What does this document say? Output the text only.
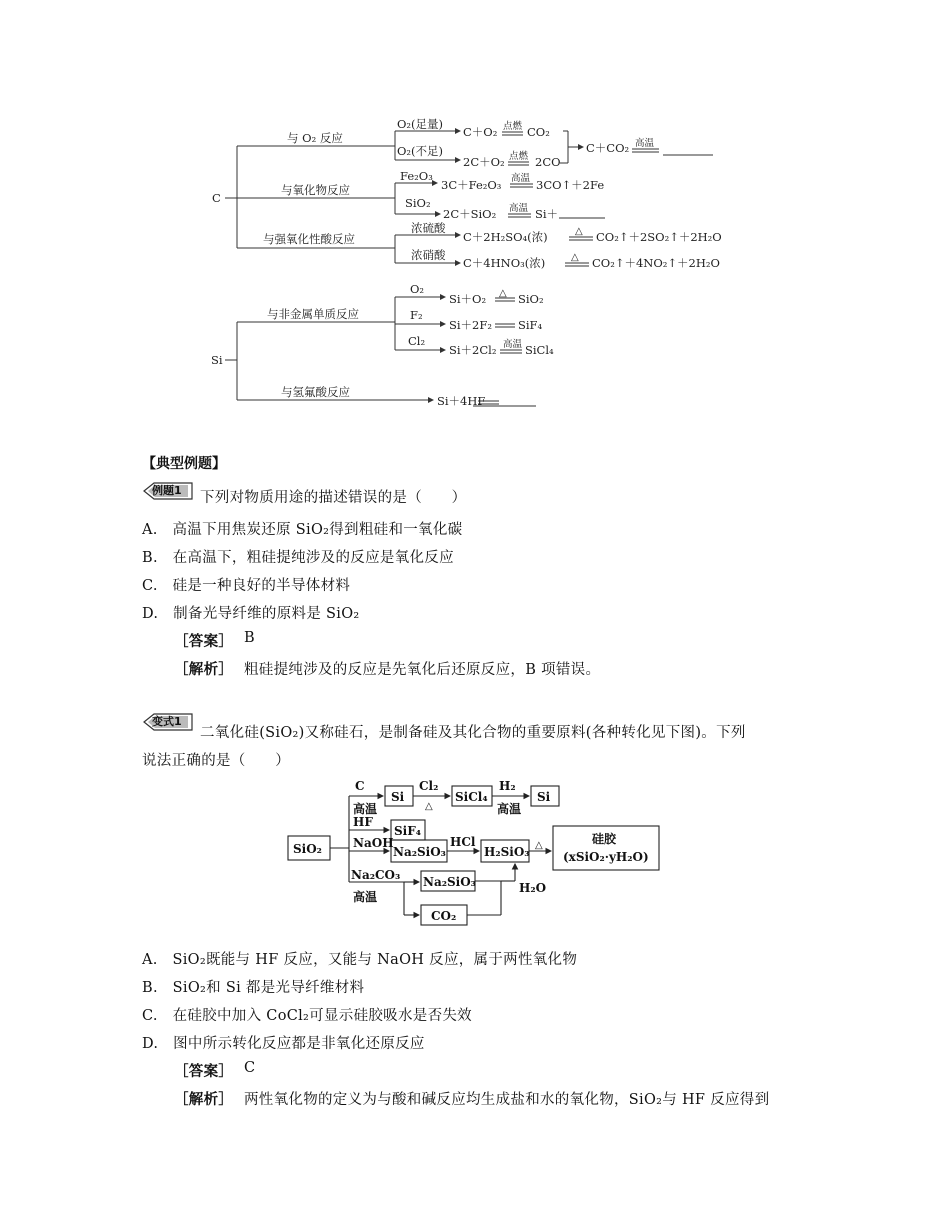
C
与 O₂ 反应
与氧化物反应
与强氧化性酸反应
O₂(足量)
O₂(不足)
C＋O₂ 点燃 CO₂
2C＋O₂ 点燃 2CO
C＋CO₂ 高温
Fe₂O₃
3C＋Fe₂O₃ 高温 3CO↑＋2Fe
SiO₂
2C＋SiO₂ 高温 Si＋
浓硫酸
C＋2H₂SO₄(浓)	△ CO₂↑＋2SO₂↑＋2H₂O
浓硝酸
C＋4HNO₃(浓)	△ CO₂↑＋4NO₂↑＋2H₂O
Si
与非金属单质反应
与氢氟酸反应
O₂
Si＋O₂ △ SiO₂
F₂
Si＋2F₂ SiF₄
Cl₂
Si＋2Cl₂ 高温 SiCl₄
Si＋4HF
【典型例题】
例题1 下列对物质用途的描述错误的是（　　）
A.　高温下用焦炭还原 SiO₂得到粗硅和一氧化碳
B.　在高温下，粗硅提纯涉及的反应是氧化反应
C.　硅是一种良好的半导体材料
D.　制备光导纤维的原料是 SiO₂
［答案］ B
［解析］ 粗硅提纯涉及的反应是先氧化后还原反应，B 项错误。
变式1
二氧化硅(SiO₂)又称硅石，是制备硅及其化合物的重要原料(各种转化见下图)。下列
说法正确的是（　　）
SiO₂
C
高温
Si
Cl₂
△
SiCl₄
H₂
高温
Si
HF
SiF₄
NaOH
Na₂SiO₃
HCl
H₂SiO₃ △	硅胶
(xSiO₂·yH₂O)
Na₂CO₃
高温
Na₂SiO₃
CO₂
H₂O
A.　SiO₂既能与 HF 反应，又能与 NaOH 反应，属于两性氧化物
B.　SiO₂和 Si 都是光导纤维材料
C.　在硅胶中加入 CoCl₂可显示硅胶吸水是否失效
D.　图中所示转化反应都是非氧化还原反应
［答案］ C
［解析］ 两性氧化物的定义为与酸和碱反应均生成盐和水的氧化物，SiO₂与 HF 反应得到
